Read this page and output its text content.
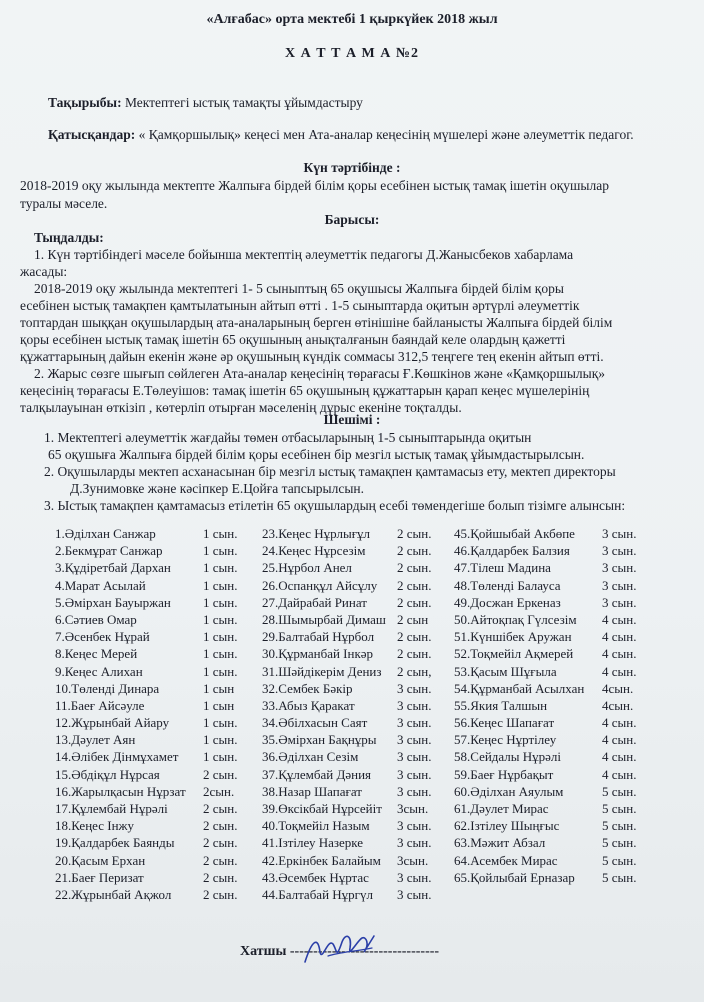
«Алғабас» орта мектебі 1 қыркүйек 2018 жыл
Х А Т Т А М А №2
Тақырыбы: Мектептегі ыстық тамақты ұйымдастыру
Қатысқандар: « Қамқоршылық» кеңесі мен Ата-аналар кеңесінің мүшелері және әлеуметтік педагог.
Күн тәртібінде :
2018-2019 оқу жылында мектепте Жалпыға бірдей білім қоры есебінен ыстық тамақ ішетін оқушылар
туралы мәселе.
Барысы:
Тыңдалды:
1. Күн тәртібіндегі мәселе бойынша мектептің әлеуметтік педагогы Д.Жанысбеков хабарлама
жасады:
2018-2019 оқу жылында мектептегі 1- 5 сыныптың 65 оқушысы Жалпыға бірдей білім қоры
есебінен ыстық тамақпен қамтылатынын айтып өтті . 1-5 сыныптарда оқитын әртүрлі әлеуметтік
топтардан шыққан оқушылардың ата-аналарының берген өтінішіне байланысты Жалпыға бірдей білім
қоры есебінен ыстық тамақ ішетін 65 оқушының анықталғанын баяндай келе олардың қажетті
құжаттарының дайын екенін және әр оқушының күндік соммасы 312,5 теңгеге тең екенін айтып өтті.
2. Жарыс сөзге шығып сөйлеген Ата-аналар кеңесінің төрағасы Ғ.Көшкінов және «Қамқоршылық»
кеңесінің төрағасы Е.Төлеуішов: тамақ ішетін 65 оқушының құжаттарын қарап кеңес мүшелерінің
талқылауынан өткізіп , көтерліп отырған мәселенің дұрыс екеніне тоқталды.
Шешімі :
1. Мектептегі әлеуметтік жағдайы төмен отбасыларының 1-5 сыныптарында оқитын
65 оқушыға Жалпыға бірдей білім қоры есебінен бір мезгіл ыстық тамақ ұйымдастырылсын.
2. Оқушыларды мектеп асханасынан бір мезгіл ыстық тамақпен қамтамасыз ету, мектеп директоры
Д.Зунимовке және кәсіпкер Е.Цойға тапсырылсын.
3. Ыстық тамақпен қамтамасыз етілетін 65 оқушылардың есебі төмендегiше болып тізімге алынсын:
1.Әділхан Санжар	1 сын.
2.Бекмұрат Санжар	1 сын.
3.Құдіретбай Дархан 1 сын.
4.Марат Асылай	1 сын.
5.Әмірхан Бауыржан 1 сын.
6.Сәтиев Омар	1 сын.
7.Әсенбек Нұрай	1 сын.
8.Кеңес Мерей	1 сын.
9.Кеңес Алихан	1 сын.
10.Төленді Динара	1 сын
11.Баеғ Айсәуле	1 сын
12.Жұрынбай Айару	1 сын.
13.Дәулет Аян	1 сын.
14.Әлібек Дінмұхамет 1 сын.
15.Әбдіқұл Нұрсая	2 сын.
16.Жарылқасын Нұрзат 2сын.
17.Құлембай Нұрәлі	2 сын.
18.Кеңес Інжу	2 сын.
19.Қалдарбек Баянды 2 сын.
20.Қасым Ерхан	2 сын.
21.Баеғ Перизат	2 сын.
22.Жұрынбай Ақжол 2 сын.
23.Кеңес Нұрлығұл 2 сын.
24.Кеңес Нұрсезім 2 сын.
25.Нұрбол Анел	2 сын.
26.Оспанқұл Айсұлу 2 сын.
27.Дайрабай Ринат 2 сын.
28.Шымырбай Димаш 2 сын
29.Балтабай Нұрбол 2 сын.
30.Құрманбай Інкәр 2 сын.
31.Шәйдікерім Дениз 2 сын,
32.Сембек Бәкір	3 сын.
33.Абыз Қаракат	3 сын.
34.Әбілхасын Саят 3 сын.
35.Әмірхан Бақнұры 3 сын.
36.Әділхан Сезім	3 сын.
37.Құлембай Дәния 3 сын.
38.Назар Шапағат	3 сын.
39.Өксікбай Нұрсейіт 3сын.
40.Тоқмейіл Назым 3 сын.
41.Ізтілеу Назерке	3 сын.
42.Еркінбек Балайым 3сын.
43.Әсембек Нұртас 3 сын.
44.Балтабай Нұргүл 3 сын.
45.Қойшыбай Акбөпе 3 сын.
46.Қалдарбек Балзия 3 сын.
47.Тілеш Мадина	3 сын.
48.Төленді Балауса	3 сын.
49.Досжан Еркеназ	3 сын.
50.Айтоқпақ Гүлсезім 4 сын.
51.Күншібек Аружан 4 сын.
52.Тоқмейіл Ақмерей 4 сын.
53.Қасым Шұғыла	4 сын.
54.Құрманбай Асылхан 4сын.
55.Якия Талшын	4сын.
56.Кеңес Шапағат	4 сын.
57.Кеңес Нұртілеу	4 сын.
58.Сейдалы Нұрәлі	4 сын.
59.Баеғ Нұрбақыт	4 сын.
60.Әділхан Аяулым	5 сын.
61.Дәулет Мирас	5 сын.
62.Ізтілеу Шыңғыс	5 сын.
63.Мәжит Абзал	5 сын.
64.Асембек Мирас	5 сын.
65.Қойлыбай Ерназар 5 сын.
Хатшы --------------------------------
